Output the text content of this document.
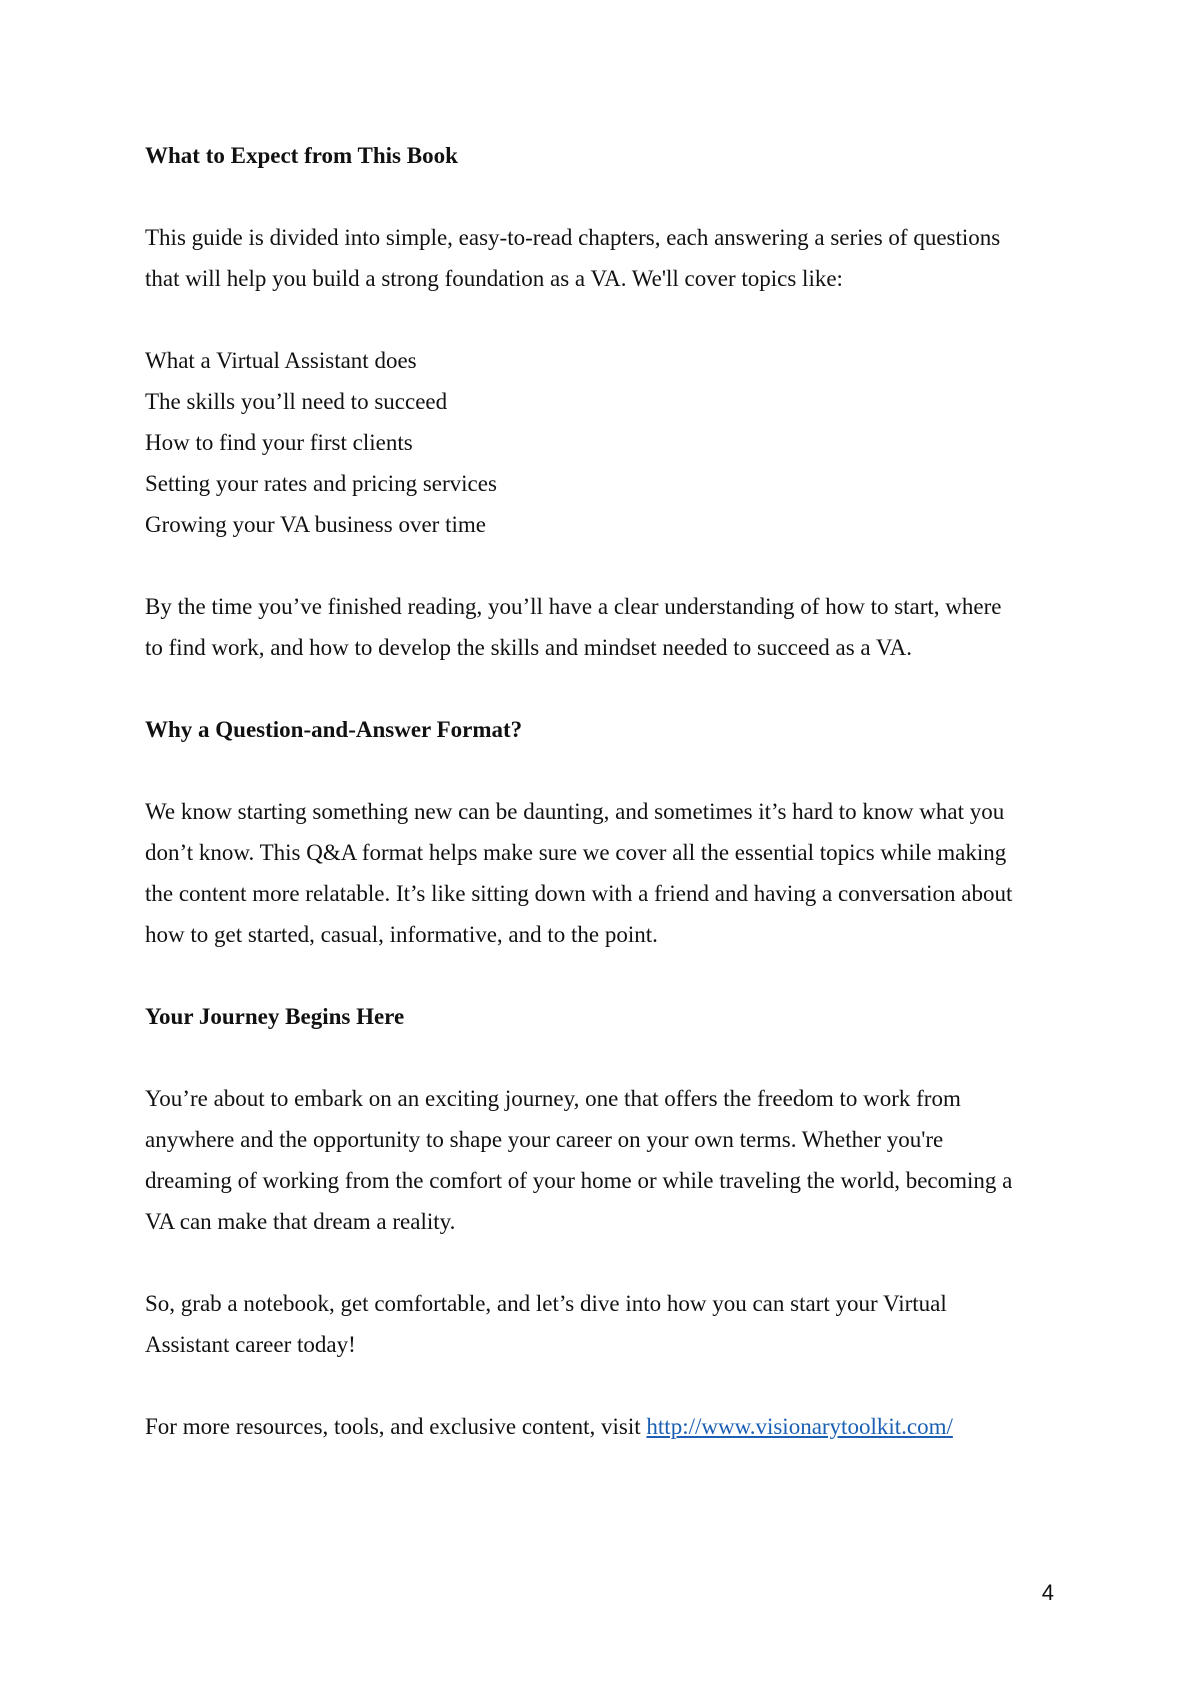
What to Expect from This Book

This guide is divided into simple, easy-to-read chapters, each answering a series of questions
that will help you build a strong foundation as a VA. We'll cover topics like:

What a Virtual Assistant does

The skills you’ll need to succeed

How to find your first clients

Setting your rates and pricing services

Growing your VA business over time

By the time you’ve finished reading, you’ll have a clear understanding of how to start, where
to find work, and how to develop the skills and mindset needed to succeed as a VA.

Why a Question-and-Answer Format?

We know starting something new can be daunting, and sometimes it’s hard to know what you
don’t know. This Q&A format helps make sure we cover all the essential topics while making
the content more relatable. It’s like sitting down with a friend and having a conversation about
how to get started, casual, informative, and to the point.

Your Journey Begins Here

You’re about to embark on an exciting journey, one that offers the freedom to work from
anywhere and the opportunity to shape your career on your own terms. Whether you're
dreaming of working from the comfort of your home or while traveling the world, becoming a
VA can make that dream a reality.
So, grab a notebook, get comfortable, and let’s dive into how you can start your Virtual
Assistant career today!
For more resources, tools, and exclusive content, visit http://www.visionarytoolkit.com/
4
